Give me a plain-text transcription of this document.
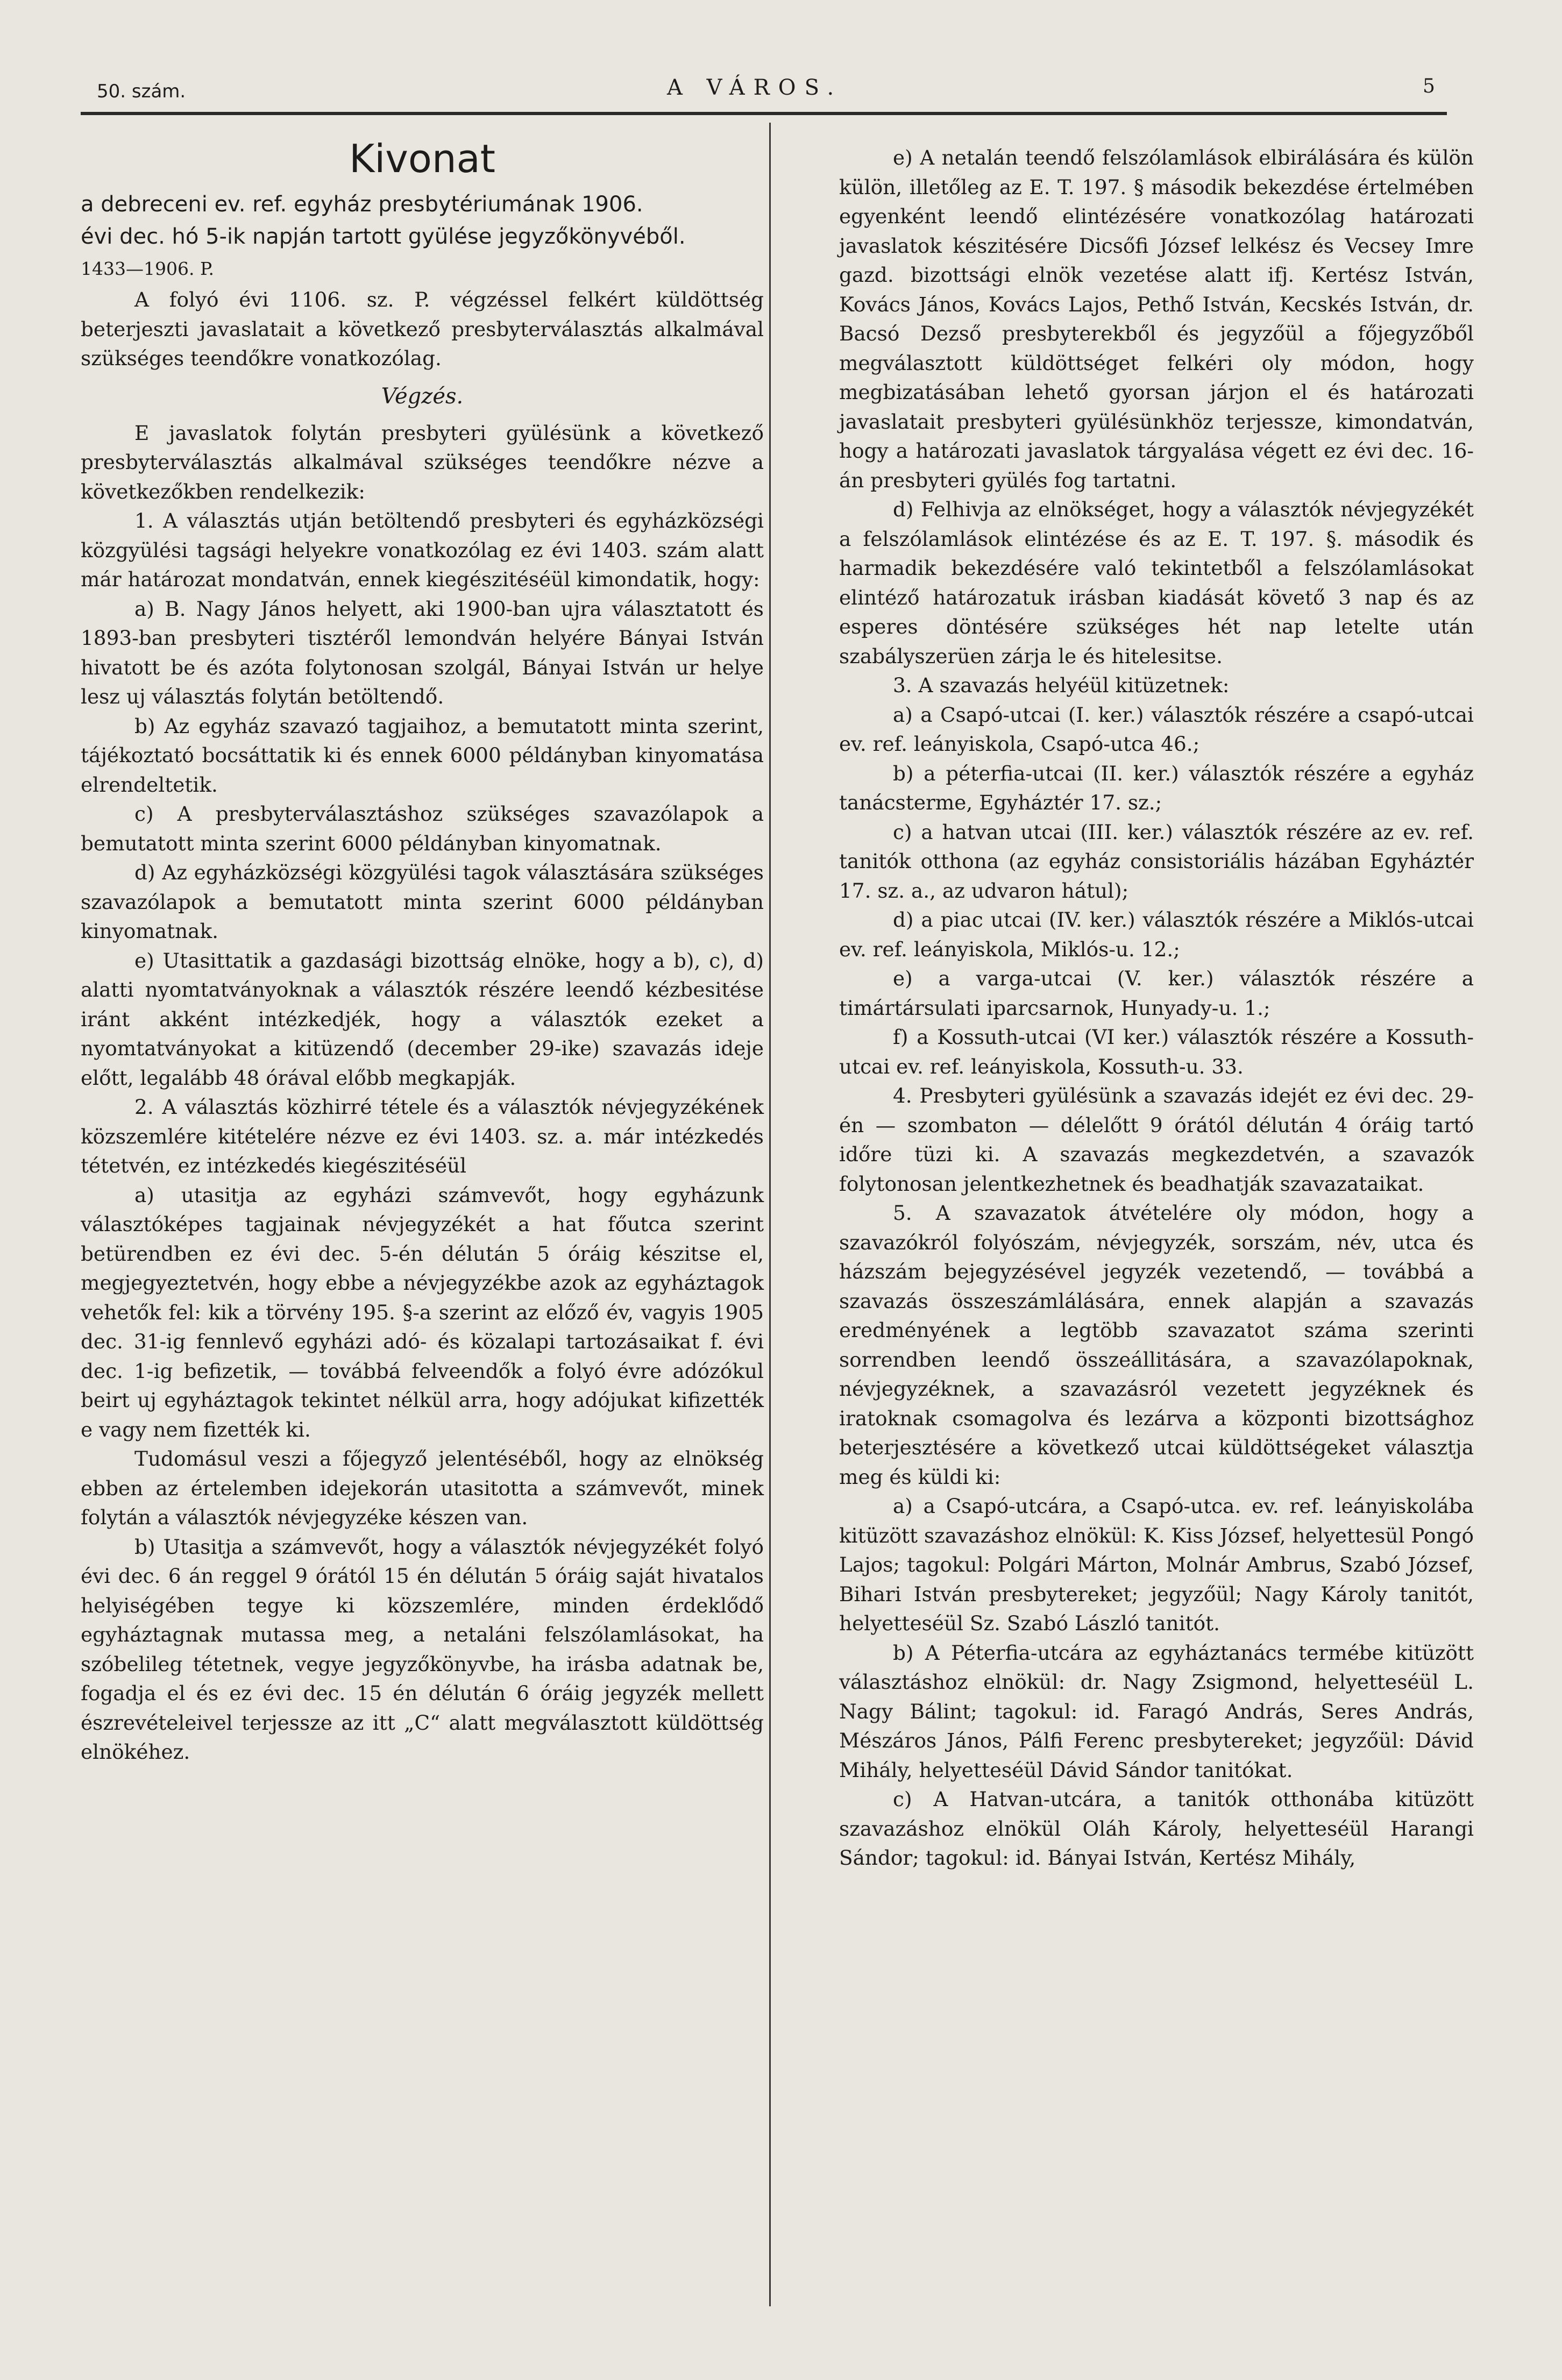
50. szám.	A VÁROS.	5
Kivonat

a debreceni ev. ref. egyház presbytériumának 1906.

évi dec. hó 5-ik napján tartott gyülése jegyzőkönyvéből.

1433—1906. P.

A folyó évi 1106. sz. P. végzéssel felkért küldöttség beterjeszti javaslatait a következő presbyterválasztás alkalmával szükséges teendőkre vonatkozólag.

Végzés.

E javaslatok folytán presbyteri gyülésünk a következő presbyterválasztás alkalmával szükséges teendőkre nézve a következőkben rendelkezik:

1. A választás utján betöltendő presbyteri és egyházközségi közgyülési tagsági helyekre vonatkozólag ez évi 1403. szám alatt már határozat mondatván, ennek kiegészitéséül kimondatik, hogy:

a) B. Nagy János helyett, aki 1900-ban ujra választatott és 1893-ban presbyteri tisztéről lemondván helyére Bányai István hivatott be és azóta folytonosan szolgál, Bányai István ur helye lesz uj választás folytán betöltendő.

b) Az egyház szavazó tagjaihoz, a bemutatott minta szerint, tájékoztató bocsáttatik ki és ennek 6000 példányban kinyomatása elrendeltetik.

c) A presbyterválasztáshoz szükséges szavazólapok a bemutatott minta szerint 6000 példányban kinyomatnak.

d) Az egyházközségi közgyülési tagok választására szükséges szavazólapok a bemutatott minta szerint 6000 példányban kinyomatnak.

e) Utasittatik a gazdasági bizottság elnöke, hogy a b), c), d) alatti nyomtatványoknak a választók részére leendő kézbesitése iránt akként intézkedjék, hogy a választók ezeket a nyomtatványokat a kitüzendő (december 29-ike) szavazás ideje előtt, legalább 48 órával előbb megkapják.

2. A választás közhirré tétele és a választók névjegyzékének közszemlére kitételére nézve ez évi 1403. sz. a. már intézkedés tétetvén, ez intézkedés kiegészitéséül

a) utasitja az egyházi számvevőt, hogy egyházunk választóképes tagjainak névjegyzékét a hat főutca szerint betürendben ez évi dec. 5-én délután 5 óráig készitse el, megjegyeztetvén, hogy ebbe a névjegyzékbe azok az egyháztagok vehetők fel: kik a törvény 195. §-a szerint az előző év, vagyis 1905 dec. 31-ig fennlevő egyházi adó- és közalapi tartozásaikat f. évi dec. 1-ig befizetik, — továbbá felveendők a folyó évre adózókul beirt uj egyháztagok tekintet nélkül arra, hogy adójukat kifizették e vagy nem fizették ki.

Tudomásul veszi a főjegyző jelentéséből, hogy az elnökség ebben az értelemben idejekorán utasitotta a számvevőt, minek folytán a választók névjegyzéke készen van.

b) Utasitja a számvevőt, hogy a választók névjegyzékét folyó évi dec. 6 án reggel 9 órától 15 én délután 5 óráig saját hivatalos helyiségében tegye ki közszemlére, minden érdeklődő egyháztagnak mutassa meg, a netaláni felszólamlásokat, ha szóbelileg tétetnek, vegye jegyzőkönyvbe, ha irásba adatnak be, fogadja el és ez évi dec. 15 én délután 6 óráig jegyzék mellett észrevételeivel terjessze az itt „C“ alatt megválasztott küldöttség elnökéhez.

e) A netalán teendő felszólamlások elbirálására és külön külön, illetőleg az E. T. 197. § második bekezdése értelmében egyenként leendő elintézésére vonatkozólag határozati javaslatok készitésére Dicsőfi József lelkész és Vecsey Imre gazd. bizottsági elnök vezetése alatt ifj. Kertész István, Kovács János, Kovács Lajos, Pethő István, Kecskés István, dr. Bacsó Dezső presbyterekből és jegyzőül a főjegyzőből megválasztott küldöttséget felkéri oly módon, hogy megbizatásában lehető gyorsan járjon el és határozati javaslatait presbyteri gyülésünkhöz terjessze, kimondatván, hogy a határozati javaslatok tárgyalása végett ez évi dec. 16-án presbyteri gyülés fog tartatni.

d) Felhivja az elnökséget, hogy a választók névjegyzékét a felszólamlások elintézése és az E. T. 197. §. második és harmadik bekezdésére való tekintetből a felszólamlásokat elintéző határozatuk irásban kiadását követő 3 nap és az esperes döntésére szükséges hét nap letelte után szabályszerüen zárja le és hitelesitse.

3. A szavazás helyéül kitüzetnek:

a) a Csapó-utcai (I. ker.) választók részére a csapó-utcai ev. ref. leányiskola, Csapó-utca 46.;

b) a péterfia-utcai (II. ker.) választók részére a egyház tanácsterme, Egyháztér 17. sz.;

c) a hatvan utcai (III. ker.) választók részére az ev. ref. tanitók otthona (az egyház consistoriális házában Egyháztér 17. sz. a., az udvaron hátul);

d) a piac utcai (IV. ker.) választók részére a Miklós-utcai ev. ref. leányiskola, Miklós-u. 12.;

e) a varga-utcai (V. ker.) választók részére a timártársulati iparcsarnok, Hunyady-u. 1.;

f) a Kossuth-utcai (VI ker.) választók részére a Kossuth-utcai ev. ref. leányiskola, Kossuth-u. 33.

4. Presbyteri gyülésünk a szavazás idejét ez évi dec. 29-én — szombaton — délelőtt 9 órától délután 4 óráig tartó időre tüzi ki. A szavazás megkezdetvén, a szavazók folytonosan jelentkezhetnek és beadhatják szavazataikat.

5. A szavazatok átvételére oly módon, hogy a szavazókról folyószám, névjegyzék, sorszám, név, utca és házszám bejegyzésével jegyzék vezetendő, — továbbá a szavazás összeszámlálására, ennek alapján a szavazás eredményének a legtöbb szavazatot száma szerinti sorrendben leendő összeállitására, a szavazólapoknak, névjegyzéknek, a szavazásról vezetett jegyzéknek és iratoknak csomagolva és lezárva a központi bizottsághoz beterjesztésére a következő utcai küldöttségeket választja meg és küldi ki:

a) a Csapó-utcára, a Csapó-utca. ev. ref. leányiskolába kitüzött szavazáshoz elnökül: K. Kiss József, helyettesül Pongó Lajos; tagokul: Polgári Márton, Molnár Ambrus, Szabó József, Bihari István presbytereket; jegyzőül; Nagy Károly tanitót, helyetteséül Sz. Szabó László tanitót.

b) A Péterfia-utcára az egyháztanács termébe kitüzött választáshoz elnökül: dr. Nagy Zsigmond, helyetteséül L. Nagy Bálint; tagokul: id. Faragó András, Seres András, Mészáros János, Pálfi Ferenc presbytereket; jegyzőül: Dávid Mihály, helyetteséül Dávid Sándor tanitókat.

c) A Hatvan-utcára, a tanitók otthonába kitüzött szavazáshoz elnökül Oláh Károly, helyetteséül Harangi Sándor; tagokul: id. Bányai István, Kertész Mihály,
